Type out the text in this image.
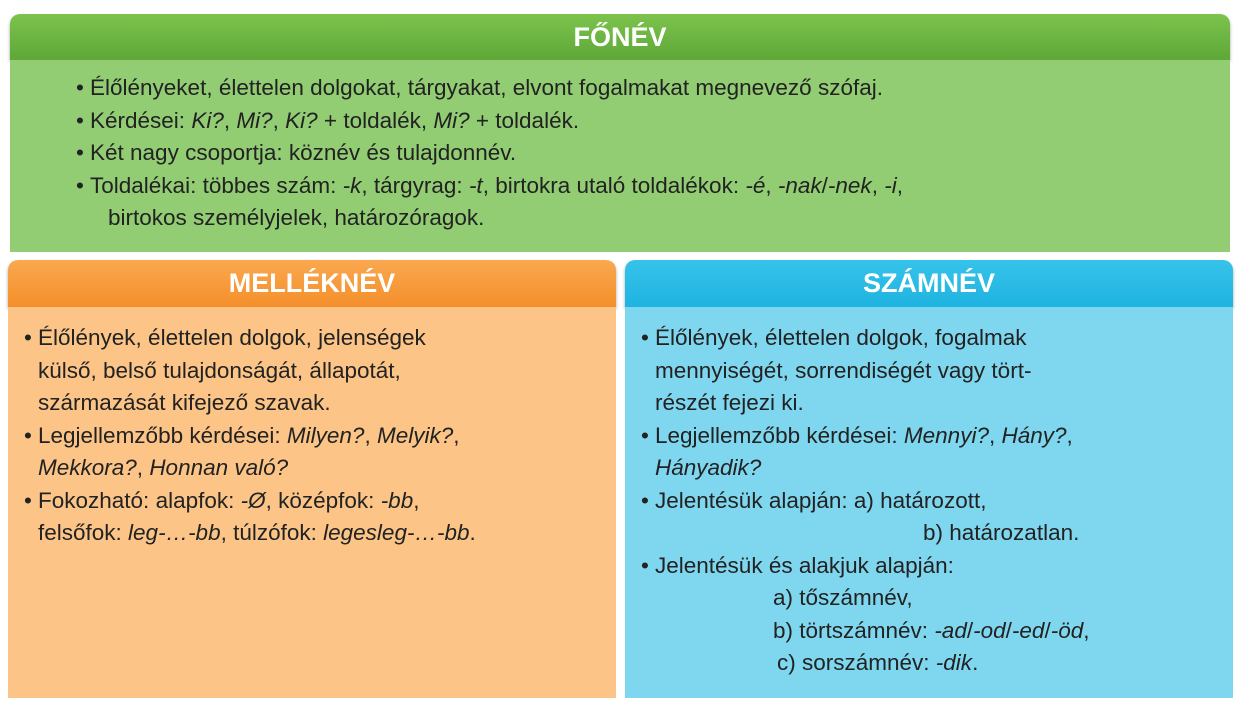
FŐNÉV
• Élőlényeket, élettelen dolgokat, tárgyakat, elvont fogalmakat megnevező szófaj.
• Kérdései: Ki?, Mi?, Ki? + toldalék, Mi? + toldalék.
• Két nagy csoportja: köznév és tulajdonnév.
• Toldalékai: többes szám: -k, tárgyrag: -t, birtokra utaló toldalékok: -é, -nak/-nek, -i,
birtokos személyjelek, határozóragok.
MELLÉKNÉV
• Élőlények, élettelen dolgok, jelenségek
külső, belső tulajdonságát, állapotát,
származását kifejező szavak.
• Legjellemzőbb kérdései: Milyen?, Melyik?,
Mekkora?, Honnan való?
• Fokozható: alapfok: -Ø, középfok: -bb,
felsőfok: leg-…-bb, túlzófok: legesleg-…-bb.
SZÁMNÉV
• Élőlények, élettelen dolgok, fogalmak
mennyiségét, sorrendiségét vagy tört-
részét fejezi ki.
• Legjellemzőbb kérdései: Mennyi?, Hány?,
Hányadik?
• Jelentésük alapján: a) határozott,
b) határozatlan.
• Jelentésük és alakjuk alapján:
a) tőszámnév,
b) törtszámnév: -ad/-od/-ed/-öd,
c) sorszámnév: -dik.
